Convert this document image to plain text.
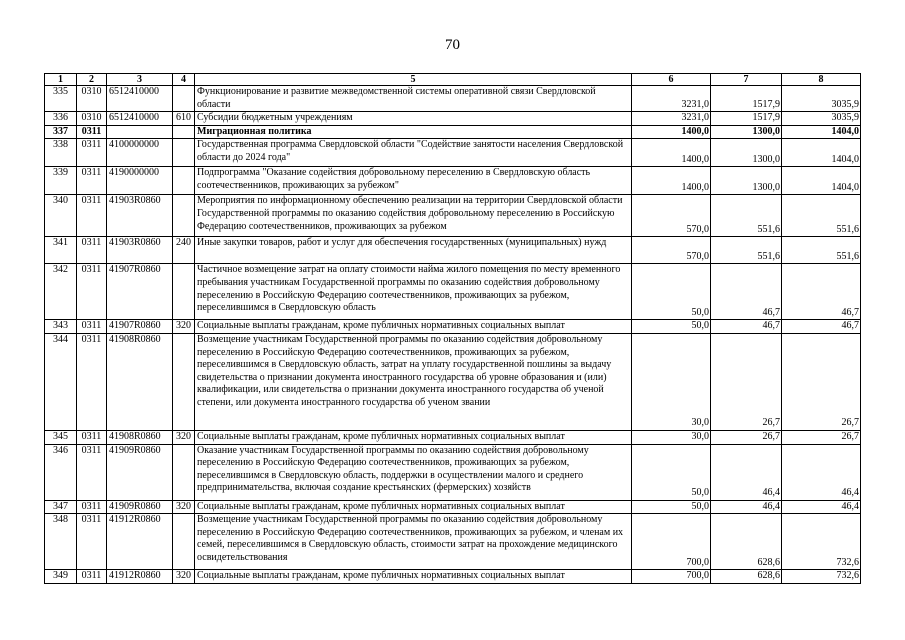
70
1	2	3	4	5	6	7	8
335	0310	6512410000		Функционирование и развитие межведомственной системы оперативной связи Свердловской области	3231,0	1517,9	3035,9
336	0310	6512410000	610	Субсидии бюджетным учреждениям	3231,0	1517,9	3035,9
337	0311			Миграционная политика	1400,0	1300,0	1404,0
338	0311	4100000000		Государственная программа Свердловской области "Содействие занятости населения Свердловской области до 2024 года"	1400,0	1300,0	1404,0
339	0311	4190000000		Подпрограмма "Оказание содействия добровольному переселению в Свердловскую область соотечественников, проживающих за рубежом"	1400,0	1300,0	1404,0
340	0311	41903R0860		Мероприятия по информационному обеспечению реализации на территории Свердловской области Государственной программы по оказанию содействия добровольному переселению в Российскую Федерацию соотечественников, проживающих за рубежом	570,0	551,6	551,6
341	0311	41903R0860	240	Иные закупки товаров, работ и услуг для обеспечения государственных (муниципальных) нужд	570,0	551,6	551,6
342	0311	41907R0860		Частичное возмещение затрат на оплату стоимости найма жилого помещения по месту временного пребывания участникам Государственной программы по оказанию содействия добровольному переселению в Российскую Федерацию соотечественников, проживающих за рубежом, переселившимся в Свердловскую область	50,0	46,7	46,7
343	0311	41907R0860	320	Социальные выплаты гражданам, кроме публичных нормативных социальных выплат	50,0	46,7	46,7
344	0311	41908R0860		Возмещение участникам Государственной программы по оказанию содействия добровольному переселению в Российскую Федерацию соотечественников, проживающих за рубежом, переселившимся в Свердловскую область, затрат на уплату государственной пошлины за выдачу свидетельства о признании документа иностранного государства об уровне образования и (или) квалификации, или свидетельства о признании документа иностранного государства об ученой степени, или документа иностранного государства об ученом звании	30,0	26,7	26,7
345	0311	41908R0860	320	Социальные выплаты гражданам, кроме публичных нормативных социальных выплат	30,0	26,7	26,7
346	0311	41909R0860		Оказание участникам Государственной программы по оказанию содействия добровольному переселению в Российскую Федерацию соотечественников, проживающих за рубежом, переселившимся в Свердловскую область, поддержки в осуществлении малого и среднего предпринимательства, включая создание крестьянских (фермерских) хозяйств	50,0	46,4	46,4
347	0311	41909R0860	320	Социальные выплаты гражданам, кроме публичных нормативных социальных выплат	50,0	46,4	46,4
348	0311	41912R0860		Возмещение участникам Государственной программы по оказанию содействия добровольному переселению в Российскую Федерацию соотечественников, проживающих за рубежом, и членам их семей, переселившимся в Свердловскую область, стоимости затрат на прохождение медицинского освидетельствования	700,0	628,6	732,6
349	0311	41912R0860	320	Социальные выплаты гражданам, кроме публичных нормативных социальных выплат	700,0	628,6	732,6
